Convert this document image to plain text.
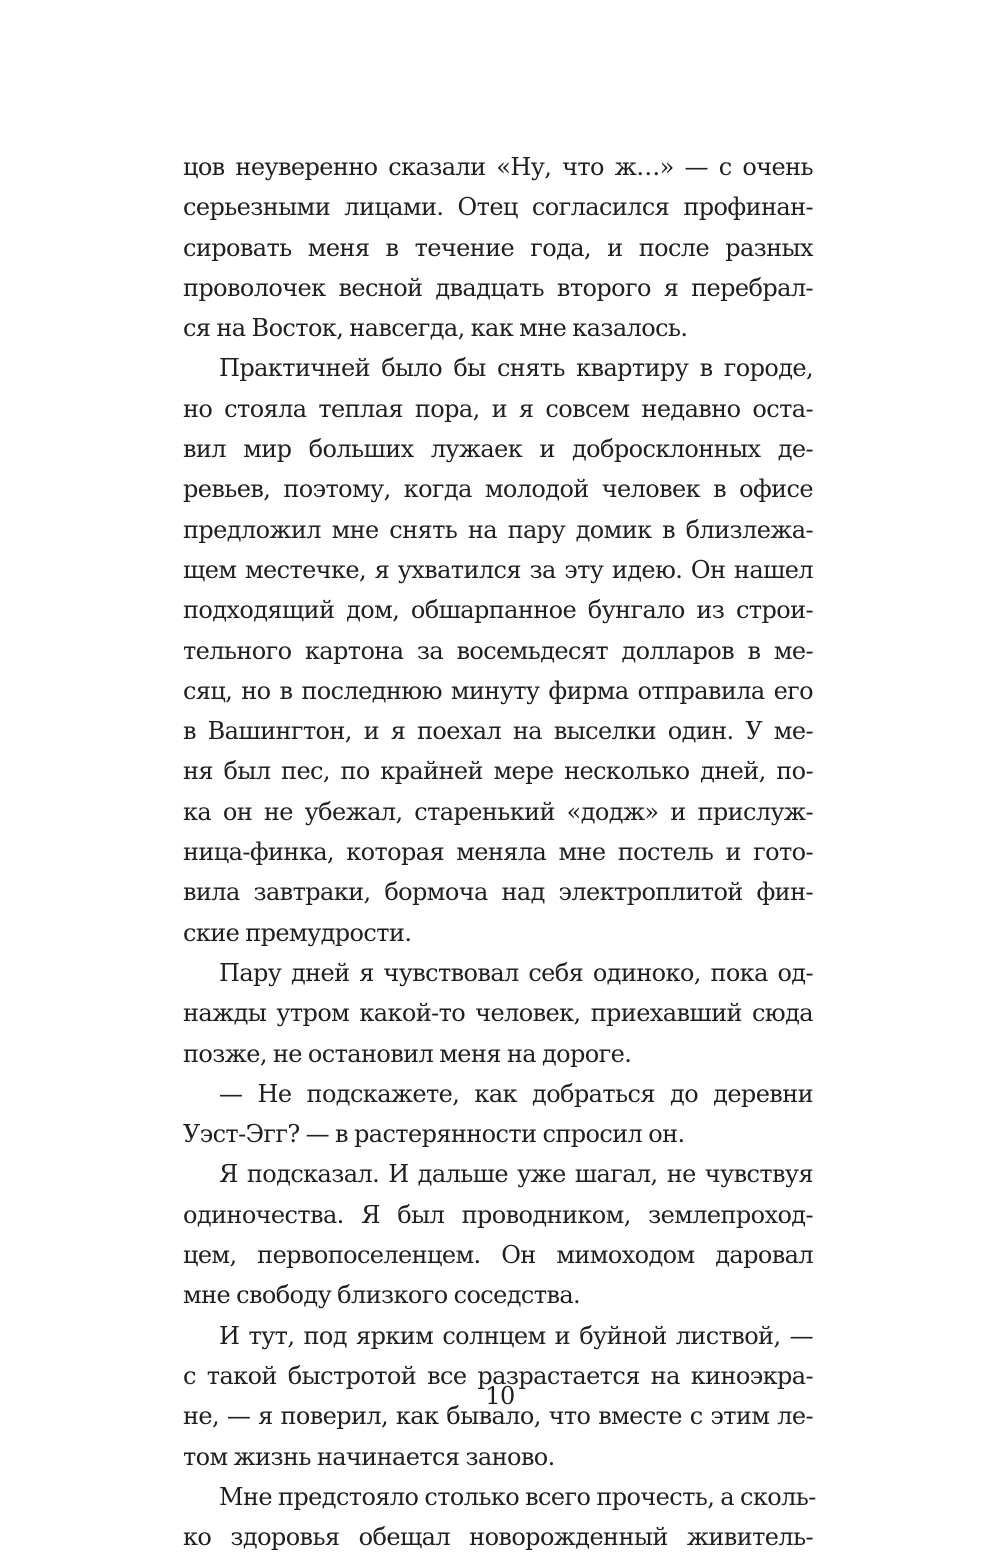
цов неуверенно сказали «Ну, что ж…» — с очень
серьезными лицами. Отец согласился профинан-
сировать меня в течение года, и после разных
проволочек весной двадцать второго я перебрал-
ся на Восток, навсегда, как мне казалось.
Практичней было бы снять квартиру в городе,
но стояла теплая пора, и я совсем недавно оста-
вил мир больших лужаек и доброcклонных де-
ревьев, поэтому, когда молодой человек в офисе
предложил мне снять на пару домик в близлежа-
щем местечке, я ухватился за эту идею. Он нашел
подходящий дом, обшарпанное бунгало из строи-
тельного картона за восемьдесят долларов в ме-
сяц, но в последнюю минуту фирма отправила его
в Вашингтон, и я поехал на выселки один. У ме-
ня был пес, по крайней мере несколько дней, по-
ка он не убежал, старенький «додж» и прислуж-
ница-финка, которая меняла мне постель и гото-
вила завтраки, бормоча над электроплитой фин-
ские премудрости.
Пару дней я чувствовал себя одиноко, пока од-
нажды утром какой-то человек, приехавший сюда
позже, не остановил меня на дороге.
— Не подскажете, как добраться до деревни
Уэст-Эгг? — в растерянности спросил он.
Я подсказал. И дальше уже шагал, не чувствуя
одиночества. Я был проводником, землепроход-
цем, первопоселенцем. Он мимоходом даровал
мне свободу близкого соседства.
И тут, под ярким солнцем и буйной листвой, —
с такой быстротой все разрастается на киноэкра-
не, — я поверил, как бывало, что вместе с этим ле-
том жизнь начинается заново.
Мне предстояло столько всего прочесть, а сколь-
ко здоровья обещал новорожденный живитель-
10
